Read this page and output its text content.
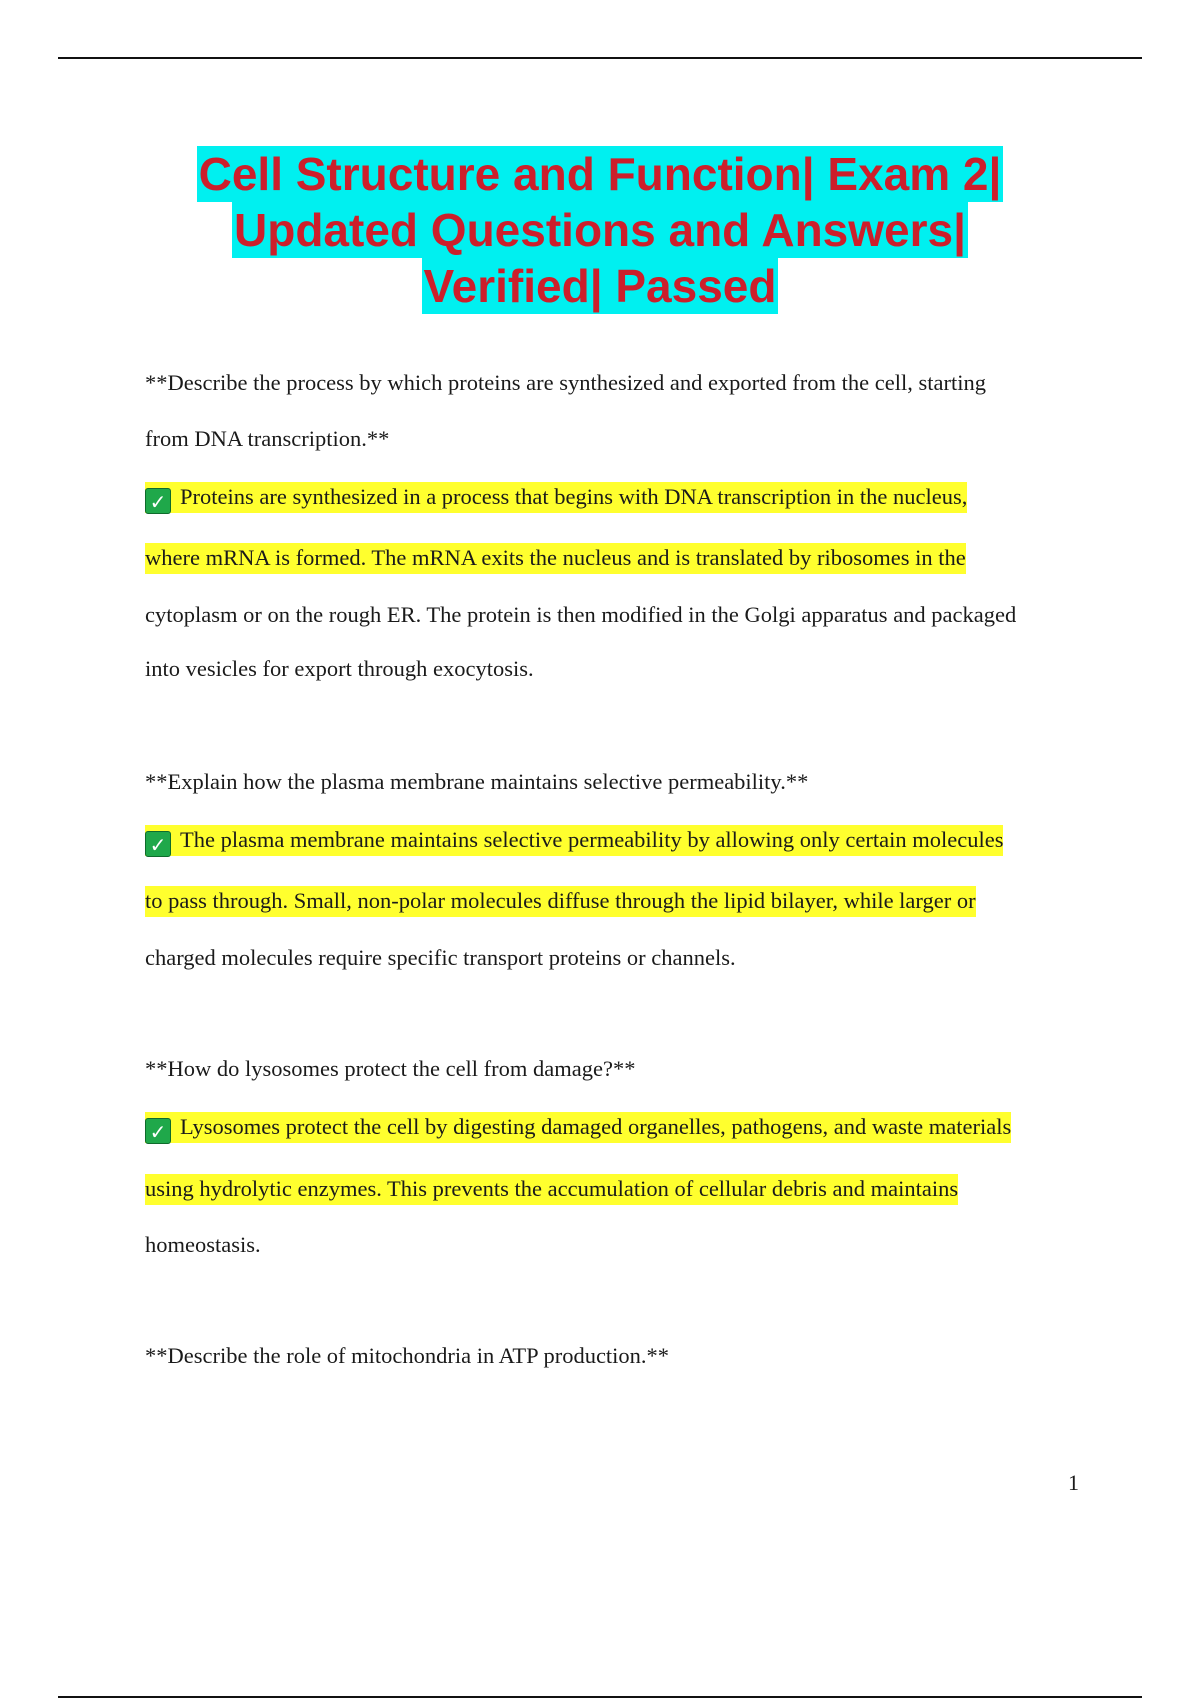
Cell Structure and Function| Exam 2|
Updated Questions and Answers|
Verified| Passed
**Describe the process by which proteins are synthesized and exported from the cell, starting
from DNA transcription.**
✓ Proteins are synthesized in a process that begins with DNA transcription in the nucleus,
where mRNA is formed. The mRNA exits the nucleus and is translated by ribosomes in the
cytoplasm or on the rough ER. The protein is then modified in the Golgi apparatus and packaged
into vesicles for export through exocytosis.
**Explain how the plasma membrane maintains selective permeability.**
✓ The plasma membrane maintains selective permeability by allowing only certain molecules
to pass through. Small, non-polar molecules diffuse through the lipid bilayer, while larger or
charged molecules require specific transport proteins or channels.
**How do lysosomes protect the cell from damage?**
✓ Lysosomes protect the cell by digesting damaged organelles, pathogens, and waste materials
using hydrolytic enzymes. This prevents the accumulation of cellular debris and maintains
homeostasis.
**Describe the role of mitochondria in ATP production.**
1
